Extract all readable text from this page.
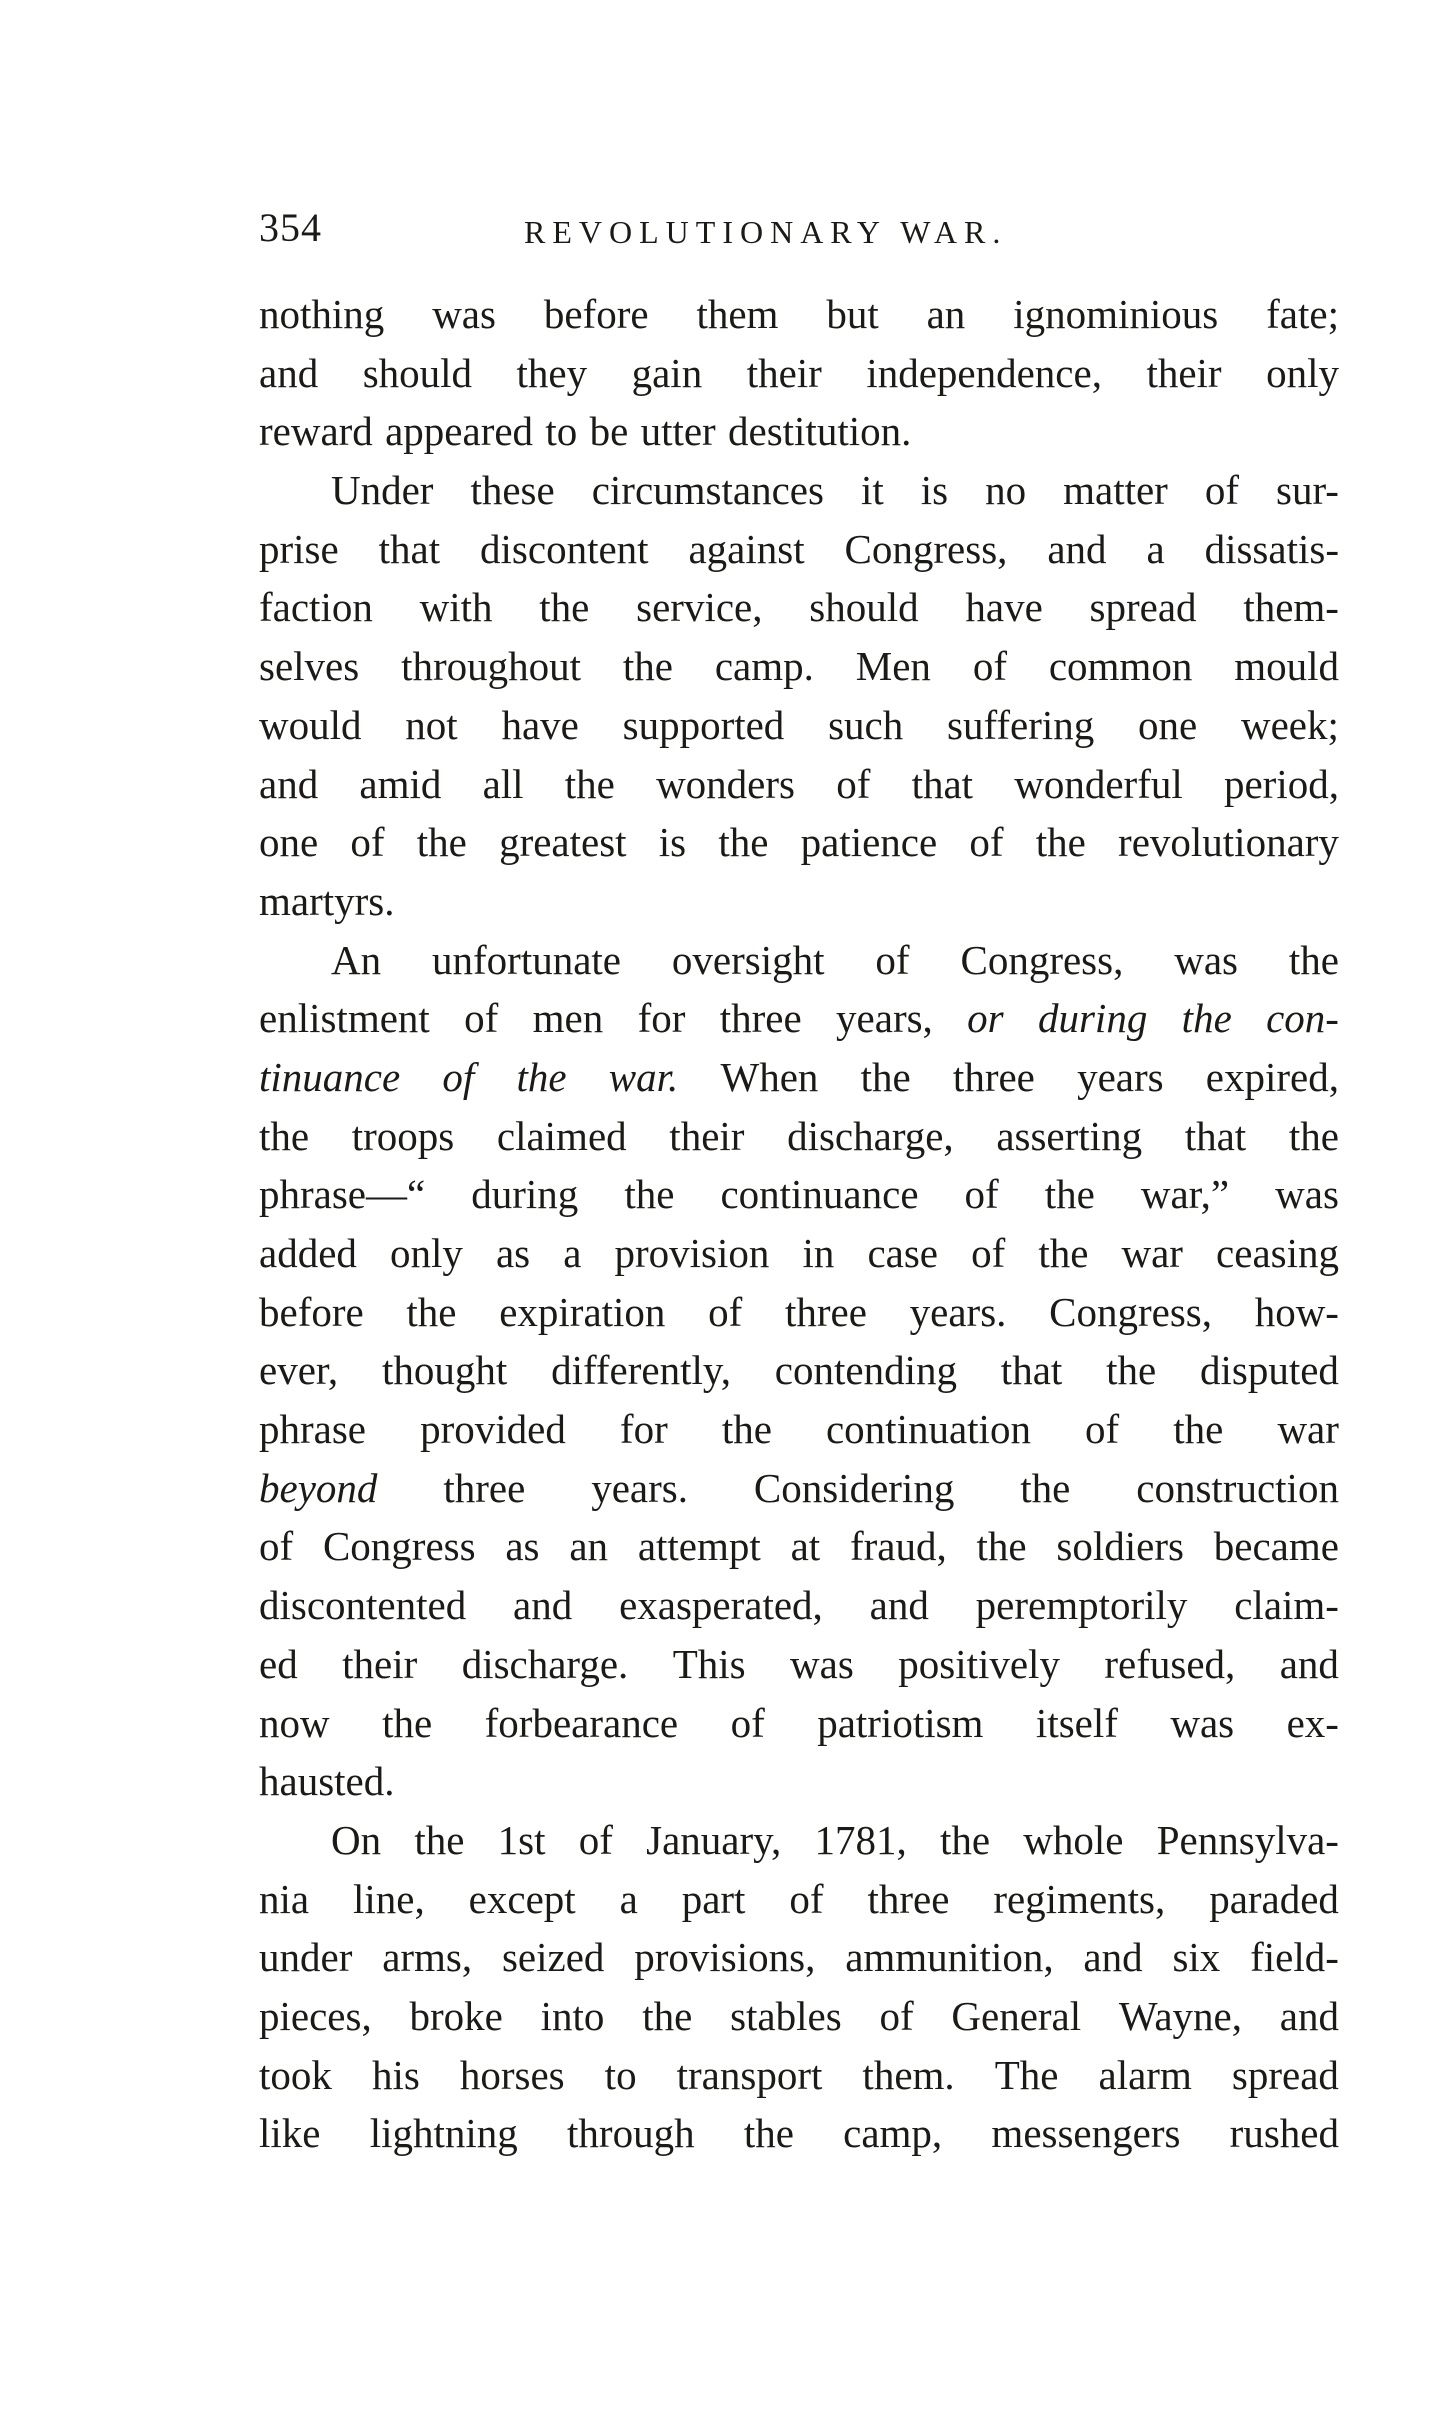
354	REVOLUTIONARY WAR.
nothing was before them but an ignominious fate;
and should they gain their independence, their only
reward appeared to be utter destitution.
Under these circumstances it is no matter of sur-
prise that discontent against Congress, and a dissatis-
faction with the service, should have spread them-
selves throughout the camp. Men of common mould
would not have supported such suffering one week;
and amid all the wonders of that wonderful period,
one of the greatest is the patience of the revolutionary
martyrs.
An unfortunate oversight of Congress, was the
enlistment of men for three years, or during the con-
tinuance of the war. When the three years expired,
the troops claimed their discharge, asserting that the
phrase—“ during the continuance of the war,” was
added only as a provision in case of the war ceasing
before the expiration of three years. Congress, how-
ever, thought differently, contending that the disputed
phrase provided for the continuation of the war
beyond three years. Considering the construction
of Congress as an attempt at fraud, the soldiers became
discontented and exasperated, and peremptorily claim-
ed their discharge. This was positively refused, and
now the forbearance of patriotism itself was ex-
hausted.
On the 1st of January, 1781, the whole Pennsylva-
nia line, except a part of three regiments, paraded
under arms, seized provisions, ammunition, and six field-
pieces, broke into the stables of General Wayne, and
took his horses to transport them. The alarm spread
like lightning through the camp, messengers rushed
